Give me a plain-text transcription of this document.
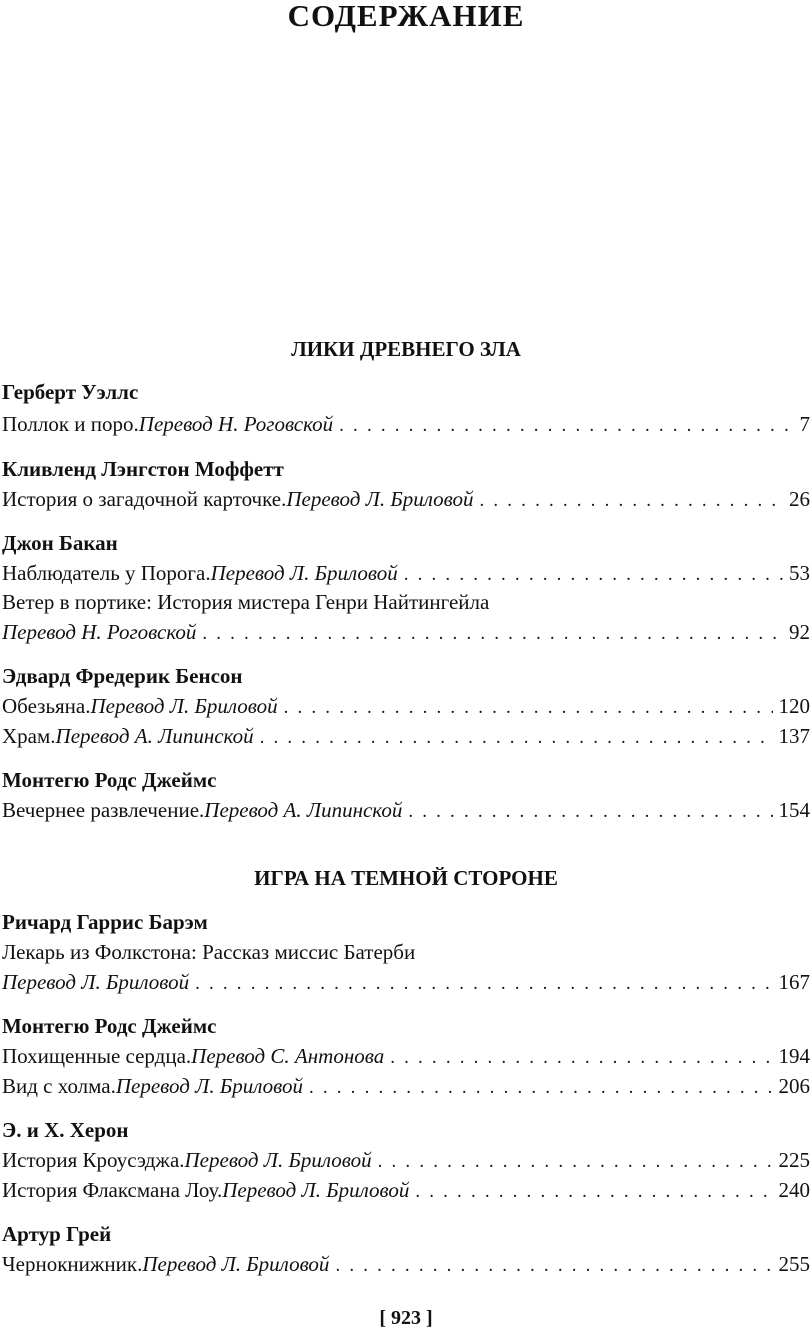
СОДЕРЖАНИЕ
ЛИКИ ДРЕВНЕГО ЗЛА
Герберт Уэллс
Поллок и поро. Перевод Н. Роговской . . .	7
Кливленд Лэнгстон Моффетт
История о загадочной карточке. Перевод Л. Бриловой . . .	26
Джон Бакан
Наблюдатель у Порога. Перевод Л. Бриловой . . .	53
Ветер в портике: История мистера Генри Найтингейла
Перевод Н. Роговской . . .	92
Эдвард Фредерик Бенсон
Обезьяна. Перевод Л. Бриловой . . .	120
Храм. Перевод А. Липинской . . .	137
Монтегю Родс Джеймс
Вечернее развлечение. Перевод А. Липинской . . .	154
ИГРА НА ТЕМНОЙ СТОРОНЕ
Ричард Гаррис Барэм
Лекарь из Фолкстона: Рассказ миссис Батерби
Перевод Л. Бриловой . . .	167
Монтегю Родс Джеймс
Похищенные сердца. Перевод С. Антонова . . .	194
Вид с холма. Перевод Л. Бриловой . . .	206
Э. и Х. Херон
История Кроусэджа. Перевод Л. Бриловой . . .	225
История Флаксмана Лоу. Перевод Л. Бриловой . . .	240
Артур Грей
Чернокнижник. Перевод Л. Бриловой . . .	255
[ 923 ]
